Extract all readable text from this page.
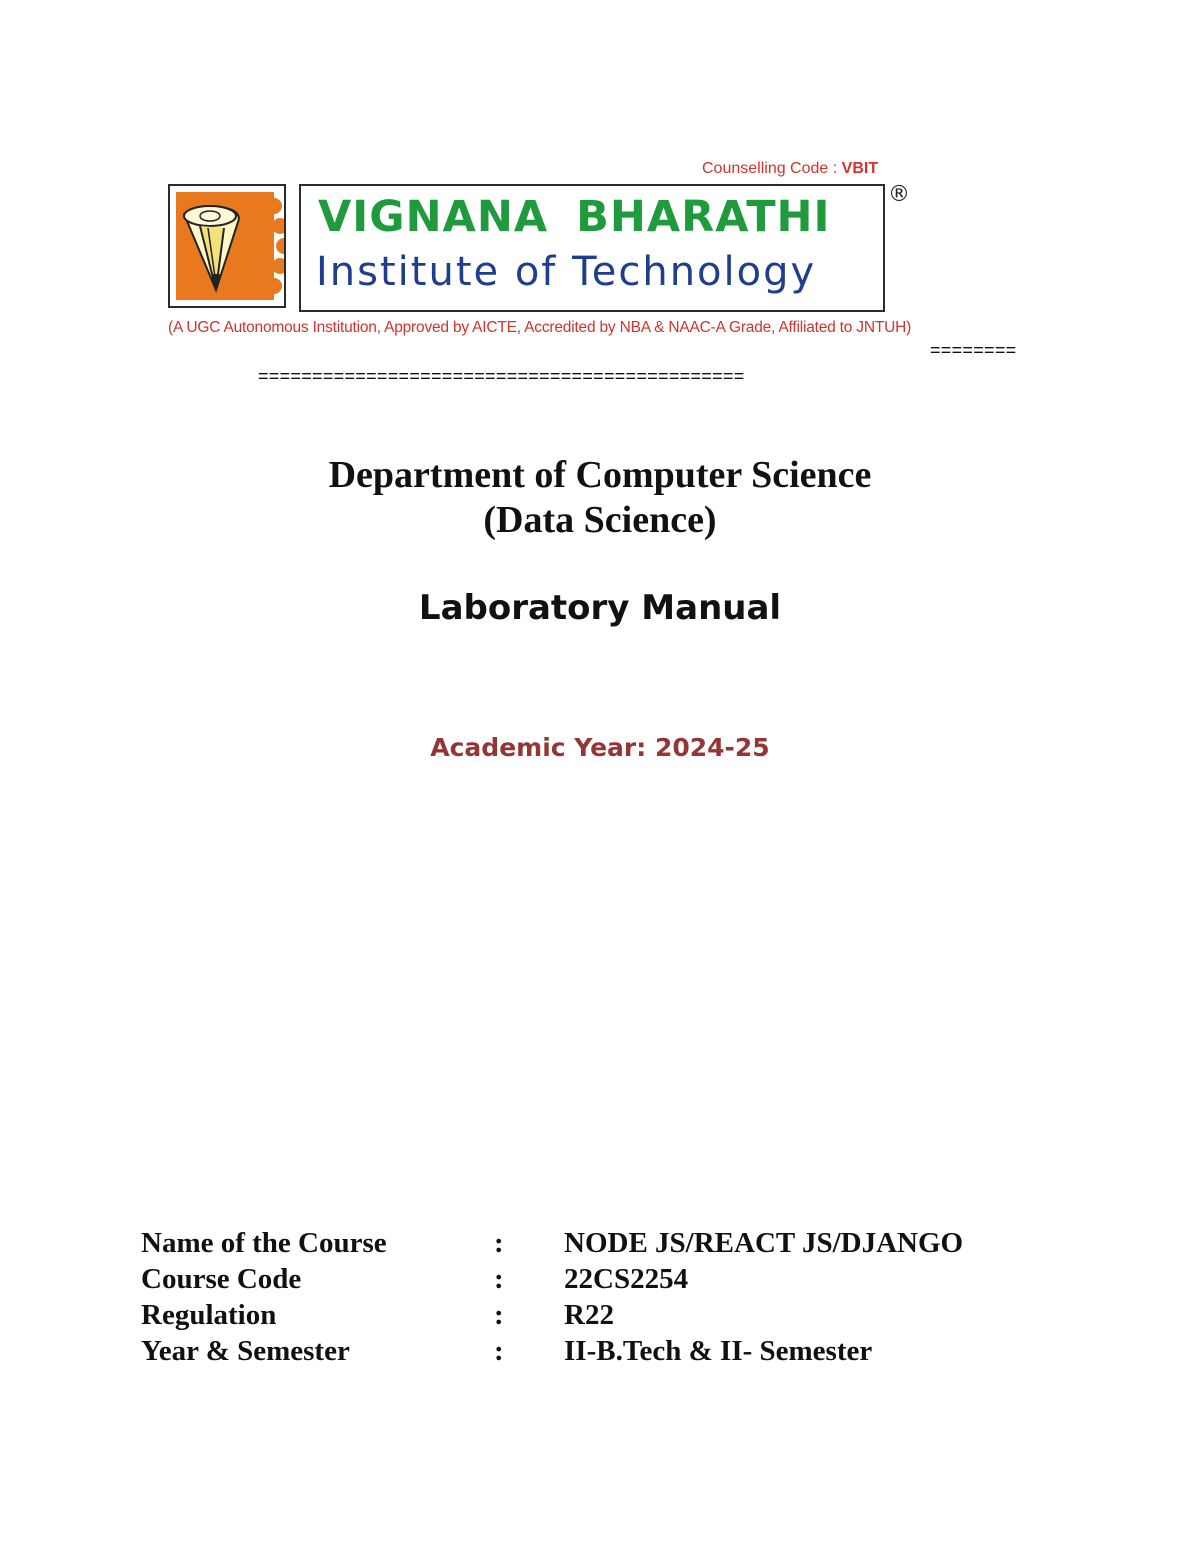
Counselling Code : VBIT
VIGNANA BHARATHI
Institute of Technology
®
(A UGC Autonomous Institution, Approved by AICTE, Accredited by NBA & NAAC-A Grade, Affiliated to JNTUH)
========
=============================================
Department of Computer Science
(Data Science)
Laboratory Manual
Academic Year: 2024-25
Name of the Course	: NODE JS/REACT JS/DJANGO
Course Code	: 22CS2254
Regulation	: R22
Year & Semester	: II-B.Tech & II- Semester
